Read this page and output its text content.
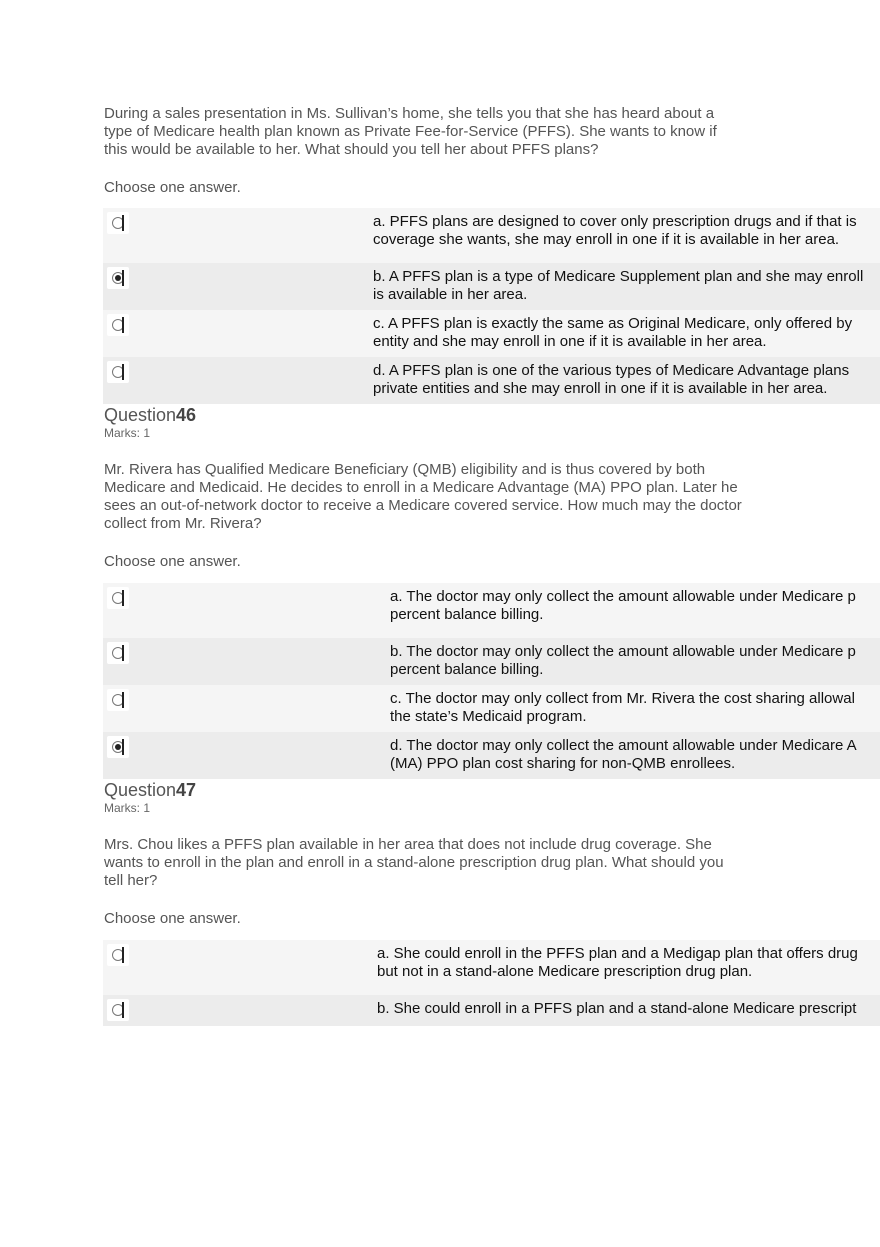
During a sales presentation in Ms. Sullivan’s home, she tells you that she has heard about a
type of Medicare health plan known as Private Fee-for-Service (PFFS). She wants to know if
this would be available to her. What should you tell her about PFFS plans?
Choose one answer.
a. PFFS plans are designed to cover only prescription drugs and if that is
coverage she wants, she may enroll in one if it is available in her area.
b. A PFFS plan is a type of Medicare Supplement plan and she may enroll
is available in her area.
c. A PFFS plan is exactly the same as Original Medicare, only offered by
entity and she may enroll in one if it is available in her area.
d. A PFFS plan is one of the various types of Medicare Advantage plans
private entities and she may enroll in one if it is available in her area.
Question46
Marks: 1
Mr. Rivera has Qualified Medicare Beneficiary (QMB) eligibility and is thus covered by both
Medicare and Medicaid. He decides to enroll in a Medicare Advantage (MA) PPO plan. Later he
sees an out-of-network doctor to receive a Medicare covered service. How much may the doctor
collect from Mr. Rivera?
Choose one answer.
a. The doctor may only collect the amount allowable under Medicare p
percent balance billing.
b. The doctor may only collect the amount allowable under Medicare p
percent balance billing.
c. The doctor may only collect from Mr. Rivera the cost sharing allowal
the state’s Medicaid program.
d. The doctor may only collect the amount allowable under Medicare A
(MA) PPO plan cost sharing for non-QMB enrollees.
Question47
Marks: 1
Mrs. Chou likes a PFFS plan available in her area that does not include drug coverage. She
wants to enroll in the plan and enroll in a stand-alone prescription drug plan. What should you
tell her?
Choose one answer.
a. She could enroll in the PFFS plan and a Medigap plan that offers drug
but not in a stand-alone Medicare prescription drug plan.
b. She could enroll in a PFFS plan and a stand-alone Medicare prescript
